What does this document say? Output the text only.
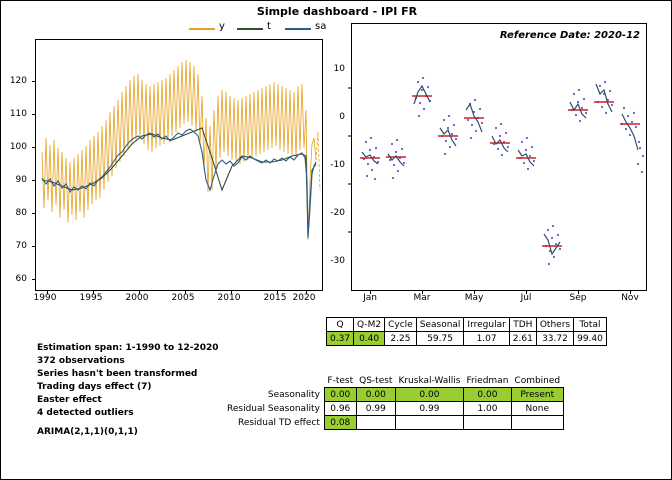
Simple dashboard - IPI FR
y	t	sa
1990	1995	2000	2005	2010	2015 2020
60
70
80
90
100
110
120
Reference Date: 2020-12
Jan	Mar	May	Jul	Sep	Nov
-30
-20
-10
0
10
Estimation span: 1-1990 to 12-2020
372 observations
Series hasn't been transformed
Trading days effect (7)
Easter effect
4 detected outliers
ARIMA(2,1,1)(0,1,1)
Q	Q-M2	Cycle	Seasonal	Irregular	TDH	Others	Total
0.37	0.40	2.25	59.75	1.07	2.61	33.72	99.40
	F-test	QS-test	Kruskal-Wallis	Friedman	Combined
Seasonality	0.00	0.00	0.00	0.00	Present
Residual Seasonality	0.96	0.99	0.99	1.00	None
Residual TD effect	0.08				
